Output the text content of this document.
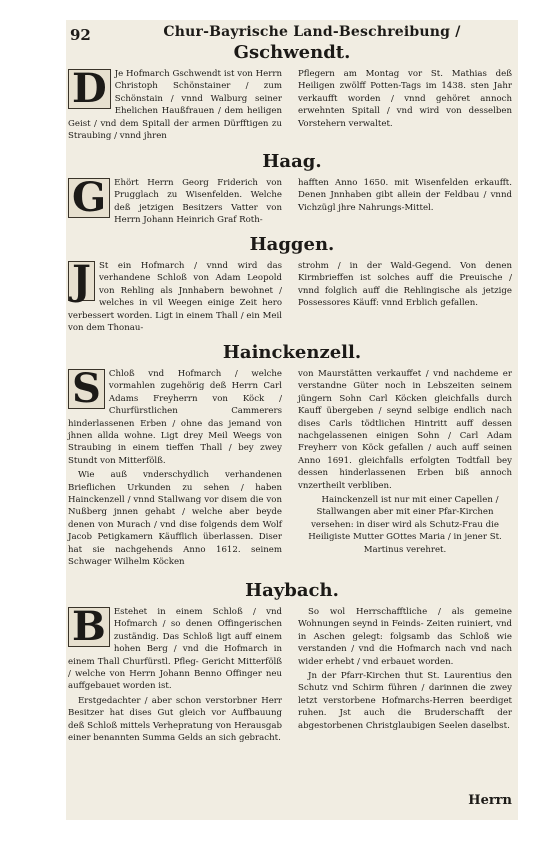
92	Chur-Bayrische Land-Beschreibung /
Gschwendt.

D Je Hofmarch Gschwendt ist von Herrn Christoph Schönstainer / zum Schönstain / vnnd Walburg seiner Ehelichen Haußfrauen / dem heiligen Geist / vnd dem Spitall der armen Dürfftigen zu Straubing / vnnd jhren

Pflegern am Montag vor St. Mathias deß Heiligen zwölff Potten-Tags im 1438. sten Jahr verkaufft worden / vnnd gehöret annoch erwehnten Spitall / vnd wird von desselben Vorstehern verwaltet.

Haag.

G Ehört Herrn Georg Friderich von Prugglach zu Wisenfelden. Welche deß jetzigen Besitzers Vatter von Herrn Johann Heinrich Graf Roth-

hafften Anno 1650. mit Wisenfelden erkaufft. Denen Jnnhaben gibt allein der Feldbau / vnnd Vichzügl jhre Nahrungs-Mittel.

Haggen.

J St ein Hofmarch / vnnd wird das verhandene Schloß von Adam Leopold von Rehling als Jnnhabern bewohnet / welches in vil Weegen einige Zeit hero verbessert worden. Ligt in einem Thall / ein Meil von dem Thonau-

strohm / in der Wald-Gegend. Von denen Kirmbrieffen ist solches auff die Preuische / vnnd folglich auff die Rehlingische als jetzige Possessores Käuff: vnnd Erblich gefallen.

Hainckenzell.

S Chloß vnd Hofmarch / welche vormahlen zugehörig deß Herrn Carl Adams Freyherrn von Köck / Churfürstlichen Cammerers hinderlassenen Erben / ohne das jemand von jhnen allda wohne. Ligt drey Meil Weegs von Straubing in einem tieffen Thall / bey zwey Stundt von Mitterfölß.

Wie auß vnderschydlich verhandenen Brieflichen Urkunden zu sehen / haben Hainckenzell / vnnd Stallwang vor disem die von Nußberg jnnen gehabt / welche aber beyde denen von Murach / vnd dise folgends dem Wolf Jacob Petigkamern Käufflich überlassen. Diser hat sie nachgehends Anno 1612. seinem Schwager Wilhelm Köcken

von Maurstätten verkauffet / vnd nachdeme er verstandne Güter noch in Lebszeiten seinem jüngern Sohn Carl Köcken gleichfalls durch Kauff übergeben / seynd selbige endlich nach dises Carls tödtlichen Hintritt auff dessen nachgelassenen einigen Sohn / Carl Adam Freyherr von Köck gefallen / auch auff seinen Anno 1691. gleichfalls erfolgten Todtfall bey dessen hinderlassenen Erben biß annoch vnzertheilt verbliben.

Hainckenzell ist nur mit einer Capellen / Stallwangen aber mit einer Pfar-Kirchen versehen: in diser wird als Schutz-Frau die Heiligiste Mutter GOttes Maria / in jener St. Martinus verehret.

Haybach.

B Estehet in einem Schloß / vnd Hofmarch / so denen Offingerischen zuständig. Das Schloß ligt auff einem hohen Berg / vnd die Hofmarch in einem Thall Churfürstl. Pfleg- Gericht Mitterfölß / welche von Herrn Johann Benno Offinger neu auffgebauet worden ist.

Erstgedachter / aber schon verstorbner Herr Besitzer hat dises Gut gleich vor Auffbauung deß Schloß mittels Verhepratung von Herausgab einer benannten Summa Gelds an sich gebracht.

So wol Herrschafftliche / als gemeine Wohnungen seynd in Feinds- Zeiten ruiniert, vnd in Aschen gelegt: folgsamb das Schloß wie verstanden / vnd die Hofmarch nach vnd nach wider erhebt / vnd erbauet worden.

Jn der Pfarr-Kirchen thut St. Laurentius den Schutz vnd Schirm führen / darinnen die zwey letzt verstorbene Hofmarchs-Herren beerdiget ruhen. Jst auch die Bruderschafft der abgestorbenen Christglaubigen Seelen daselbst.

Herrn
